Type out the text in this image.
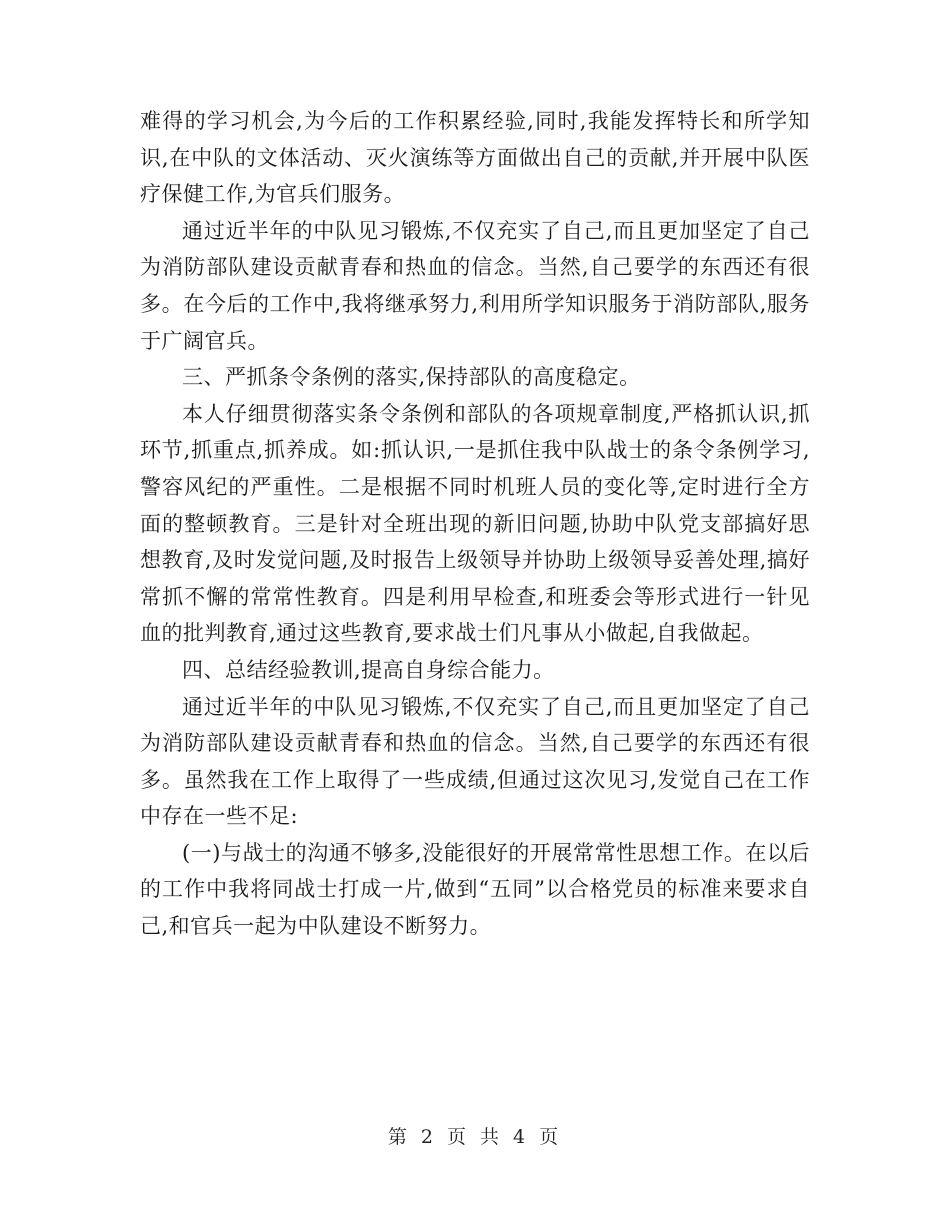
难得的学习机会,为今后的工作积累经验,同时,我能发挥特长和所学知识,在中队的文体活动、灭火演练等方面做出自己的贡献,并开展中队医疗保健工作,为官兵们服务。

通过近半年的中队见习锻炼,不仅充实了自己,而且更加坚定了自己为消防部队建设贡献青春和热血的信念。当然,自己要学的东西还有很多。在今后的工作中,我将继承努力,利用所学知识服务于消防部队,服务于广阔官兵。

三、严抓条令条例的落实,保持部队的高度稳定。

本人仔细贯彻落实条令条例和部队的各项规章制度,严格抓认识,抓环节,抓重点,抓养成。如:抓认识,一是抓住我中队战士的条令条例学习,警容风纪的严重性。二是根据不同时机班人员的变化等,定时进行全方面的整顿教育。三是针对全班出现的新旧问题,协助中队党支部搞好思想教育,及时发觉问题,及时报告上级领导并协助上级领导妥善处理,搞好常抓不懈的常常性教育。四是利用早检查,和班委会等形式进行一针见血的批判教育,通过这些教育,要求战士们凡事从小做起,自我做起。

四、总结经验教训,提高自身综合能力。

通过近半年的中队见习锻炼,不仅充实了自己,而且更加坚定了自己为消防部队建设贡献青春和热血的信念。当然,自己要学的东西还有很多。虽然我在工作上取得了一些成绩,但通过这次见习,发觉自己在工作中存在一些不足:

(一)与战士的沟通不够多,没能很好的开展常常性思想工作。在以后的工作中我将同战士打成一片,做到“五同”以合格党员的标准来要求自己,和官兵一起为中队建设不断努力。

第 2 页 共 4 页
